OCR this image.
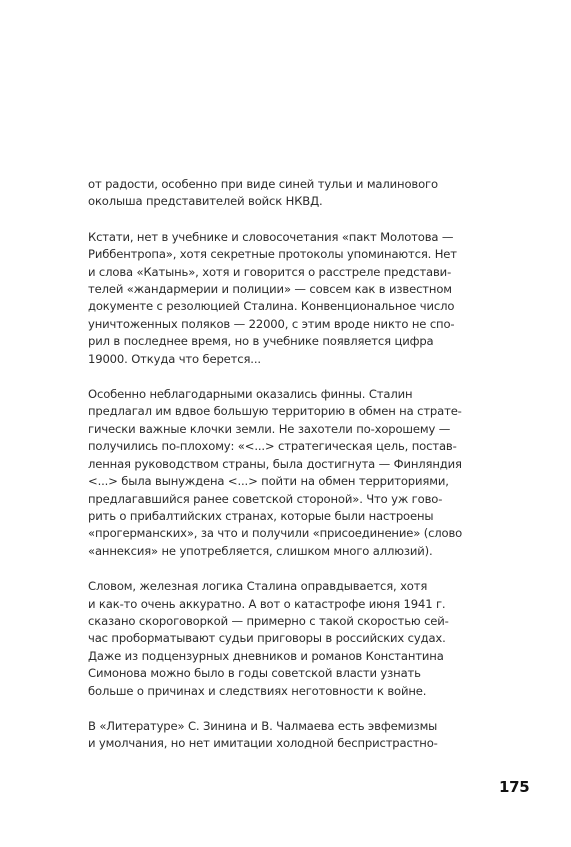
от радости, особенно при виде синей тульи и малинового
околыша представителей войск НКВД.

Кстати, нет в учебнике и словосочетания «пакт Молотова —
Риббентропа», хотя секретные протоколы упоминаются. Нет
и слова «Катынь», хотя и говорится о расстреле представи-
телей «жандармерии и полиции» — совсем как в известном
документе с резолюцией Сталина. Конвенциональное число
уничтоженных поляков — 22000, с этим вроде никто не спо-
рил в последнее время, но в учебнике появляется цифра
19000. Откуда что берется...

Особенно неблагодарными оказались финны. Сталин
предлагал им вдвое большую территорию в обмен на страте-
гически важные клочки земли. Не захотели по-хорошему —
получились по-плохому: «<...> стратегическая цель, постав-
ленная руководством страны, была достигнута — Финляндия
<...> была вынуждена <...> пойти на обмен территориями,
предлагавшийся ранее советской стороной». Что уж гово-
рить о прибалтийских странах, которые были настроены
«прогерманских», за что и получили «присоединение» (слово
«аннексия» не употребляется, слишком много аллюзий).

Словом, железная логика Сталина оправдывается, хотя
и как-то очень аккуратно. А вот о катастрофе июня 1941 г.
сказано скороговоркой — примерно с такой скоростью сей-
час проборматывают судьи приговоры в российских судах.
Даже из подцензурных дневников и романов Константина
Симонова можно было в годы советской власти узнать
больше о причинах и следствиях неготовности к войне.

В «Литературе» С. Зинина и В. Чалмаева есть эвфемизмы
и умолчания, но нет имитации холодной беспристрастно-

175
